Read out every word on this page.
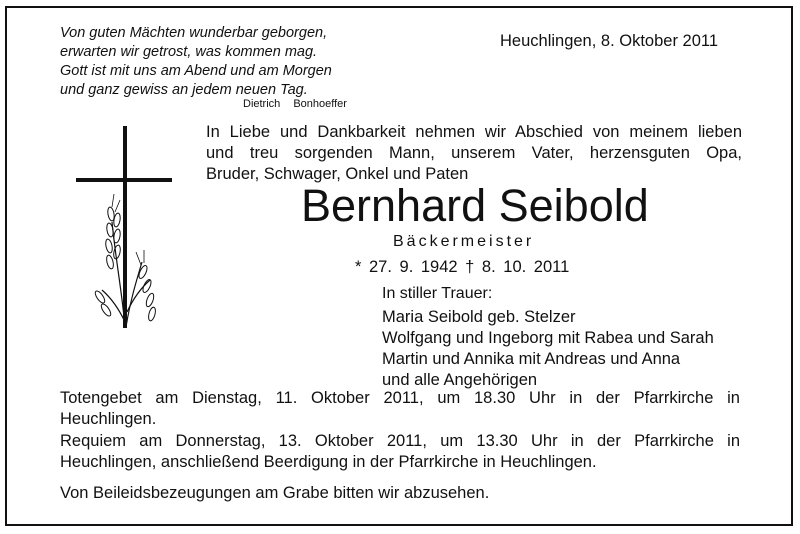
Von guten Mächten wunderbar geborgen,
erwarten wir getrost, was kommen mag.
Gott ist mit uns am Abend und am Morgen
und ganz gewiss an jedem neuen Tag.
Dietrich Bonhoeffer
Heuchlingen, 8. Oktober 2011
In Liebe und Dankbarkeit nehmen wir Abschied von meinem lieben
und treu sorgenden Mann, unserem Vater, herzensguten Opa,
Bruder, Schwager, Onkel und Paten
Bernhard Seibold
Bäckermeister
* 27. 9. 1942 † 8. 10. 2011
In stiller Trauer:
Maria Seibold geb. Stelzer
Wolfgang und Ingeborg mit Rabea und Sarah
Martin und Annika mit Andreas und Anna
und alle Angehörigen
Totengebet am Dienstag, 11. Oktober 2011, um 18.30 Uhr in der Pfarrkirche in
Heuchlingen.
Requiem am Donnerstag, 13. Oktober 2011, um 13.30 Uhr in der Pfarrkirche in
Heuchlingen, anschließend Beerdigung in der Pfarrkirche in Heuchlingen.
Von Beileidsbezeugungen am Grabe bitten wir abzusehen.
